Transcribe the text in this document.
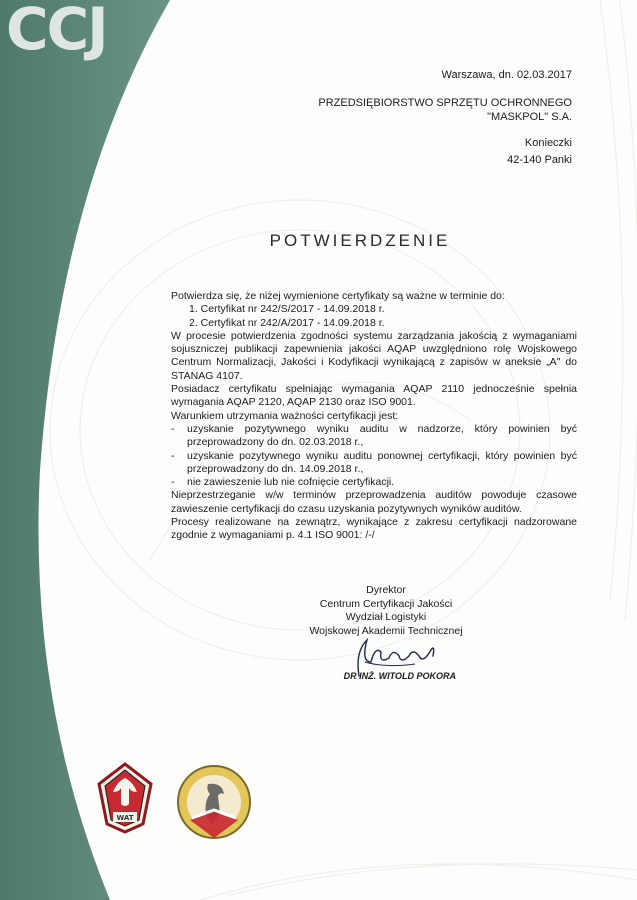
CCJ
Warszawa, dn. 02.03.2017
PRZEDSIĘBIORSTWO SPRZĘTU OCHRONNEGO
"MASKPOL" S.A.
Konieczki
42-140 Panki
POTWIERDZENIE

Potwierdza się, że niżej wymienione certyfikaty są ważne w terminie do:

1. Certyfikat nr 242/S/2017 - 14.09.2018 r.

2. Certyfikat nr 242/A/2017 - 14.09.2018 r.

W procesie potwierdzenia zgodności systemu zarządzania jakością z wymaganiami sojuszniczej publikacji zapewnienia jakości AQAP uwzględniono rolę Wojskowego Centrum Normalizacji, Jakości i Kodyfikacji wynikającą z zapisów w aneksie „A" do STANAG 4107.

Posiadacz certyfikatu spełniając wymagania AQAP 2110 jednocześnie spełnia wymagania AQAP 2120, AQAP 2130 oraz ISO 9001.

Warunkiem utrzymania ważności certyfikacji jest:

-	uzyskanie pozytywnego wyniku auditu w nadzorze, który powinien być przeprowadzony do dn. 02.03.2018 r.,
-	uzyskanie pozytywnego wyniku auditu ponownej certyfikacji, który powinien być przeprowadzony do dn. 14.09.2018 r.,
-	nie zawieszenie lub nie cofnięcie certyfikacji.

Nieprzestrzeganie w/w terminów przeprowadzenia auditów powoduje czasowe zawieszenie certyfikacji do czasu uzyskania pozytywnych wyników auditów.

Procesy realizowane na zewnątrz, wynikające z zakresu certyfikacji nadzorowane zgodnie z wymaganiami p. 4.1 ISO 9001: /-/

Dyrektor
Centrum Certyfikacji Jakości
Wydział Logistyki
Wojskowej Akademii Technicznej
DR INŻ. WITOLD POKORA
WAT
